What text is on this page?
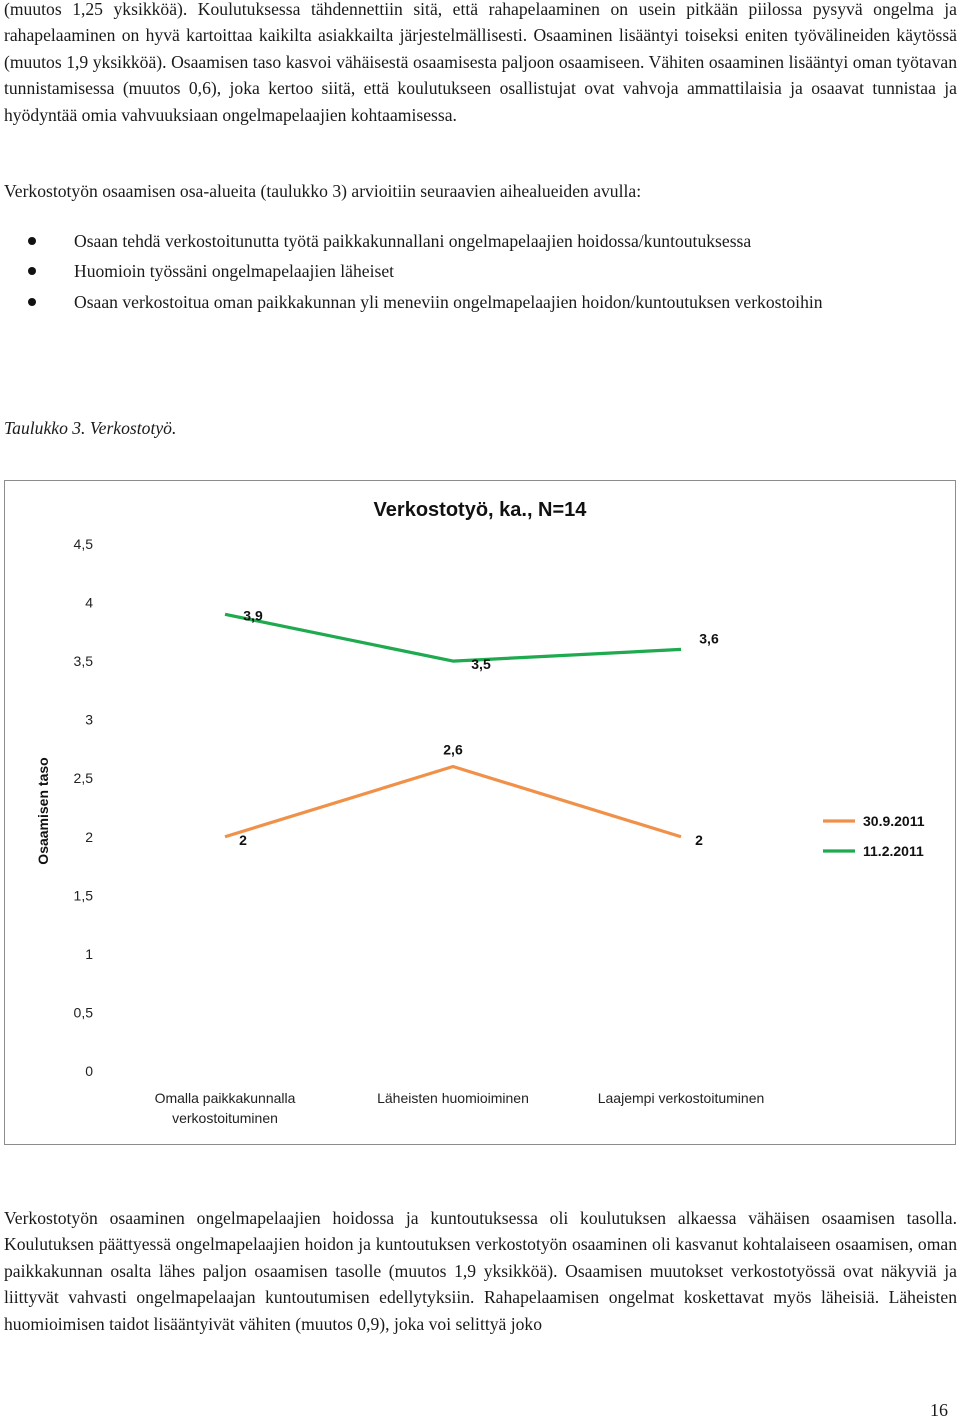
(muutos 1,25 yksikköä). Koulutuksessa tähdennettiin sitä, että rahapelaaminen on usein pitkään piilossa pysyvä ongelma ja rahapelaaminen on hyvä kartoittaa kaikilta asiakkailta järjestelmällisesti. Osaaminen lisääntyi toiseksi eniten työvälineiden käytössä (muutos 1,9 yksikköä). Osaamisen taso kasvoi vähäisestä osaamisesta paljoon osaamiseen. Vähiten osaaminen lisääntyi oman työtavan tunnistamisessa (muutos 0,6), joka kertoo siitä, että koulutukseen osallistujat ovat vahvoja ammattilaisia ja osaavat tunnistaa ja hyödyntää omia vahvuuksiaan ongelmapelaajien kohtaamisessa.

Verkostotyön osaamisen osa-alueita (taulukko 3) arvioitiin seuraavien aihealueiden avulla:

Osaan tehdä verkostoitunutta työtä paikkakunnallani ongelmapelaajien hoidossa/kuntoutuksessa
Huomioin työssäni ongelmapelaajien läheiset
Osaan verkostoitua oman paikkakunnan yli meneviin ongelmapelaajien hoidon/kuntoutuksen verkostoihin
Taulukko 3. Verkostotyö.
Verkostotyö, ka., N=14
Osaamisen taso
0
0,5
1
1,5
2
2,5
3
3,5
4
4,5
Omalla paikkakunnalla
verkostoituminen
Läheisten huomioiminen	Laajempi verkostoituminen
2
2,6
2
3,9
3,5
3,6
30.9.2011
11.2.2011

Verkostotyön osaaminen ongelmapelaajien hoidossa ja kuntoutuksessa oli koulutuksen alkaessa vähäisen osaamisen tasolla. Koulutuksen päättyessä ongelmapelaajien hoidon ja kuntoutuksen verkostotyön osaaminen oli kasvanut kohtalaiseen osaamisen, oman paikkakunnan osalta lähes paljon osaamisen tasolle (muutos 1,9 yksikköä). Osaamisen muutokset verkostotyössä ovat näkyviä ja liittyvät vahvasti ongelmapelaajan kuntoutumisen edellytyksiin. Rahapelaamisen ongelmat koskettavat myös läheisiä. Läheisten huomioimisen taidot lisääntyivät vähiten (muutos 0,9), joka voi selittyä joko

16
